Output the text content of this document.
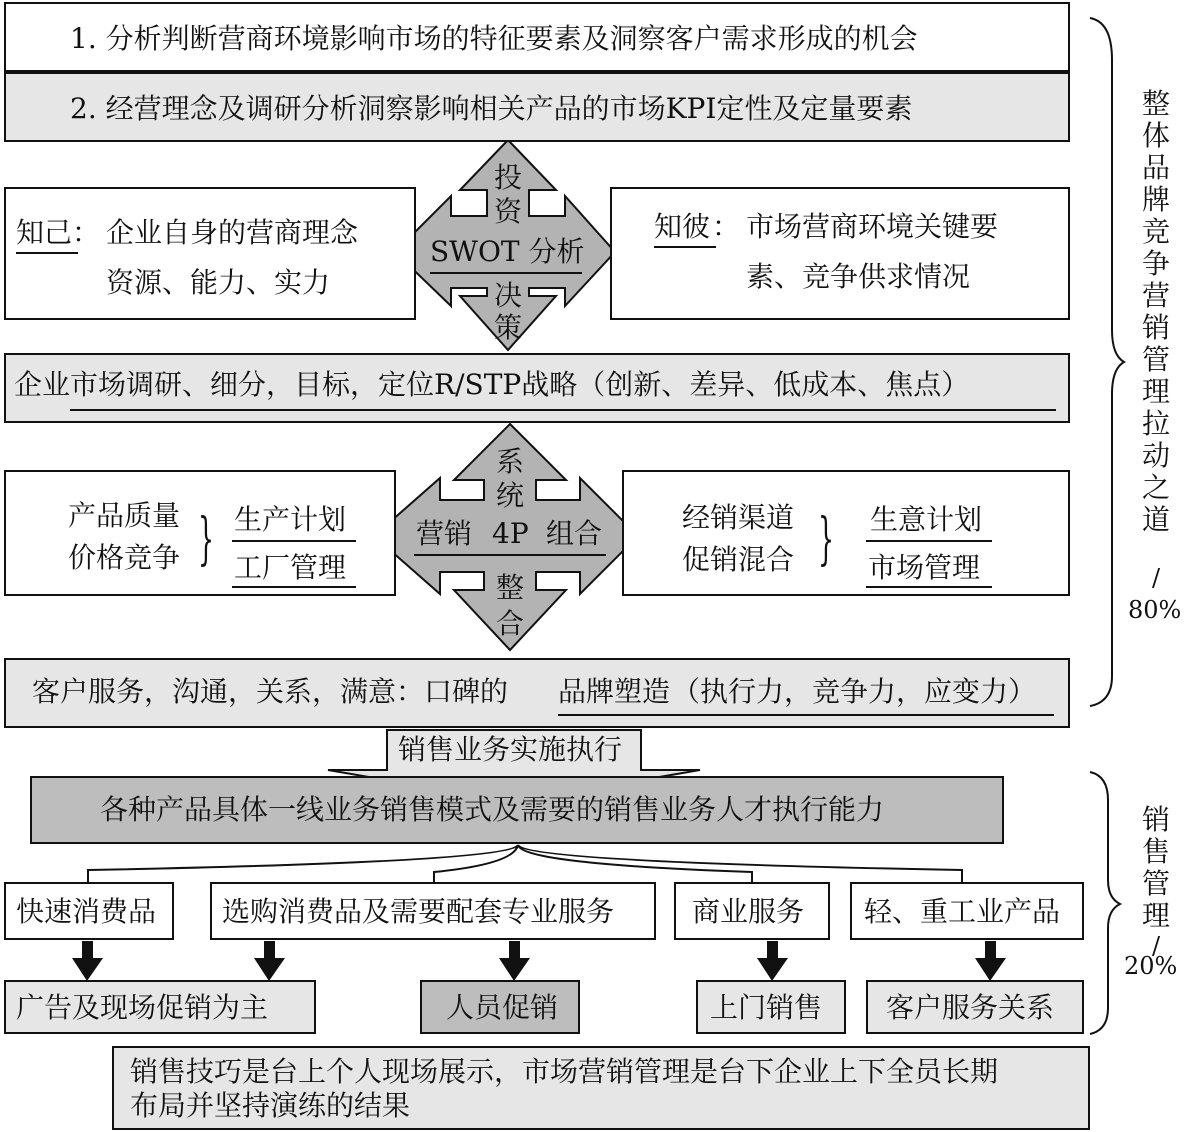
1. 分析判断营商环境影响市场的特征要素及洞察客户需求形成的机会
2. 经营理念及调研分析洞察影响相关产品的市场KPI定性及定量要素
知己 ： 企业自身的营商理念
资源、能力、实力
知彼 ： 市场营商环境关键要
素、竞争供求情况
投
资
SWOT 分析
决
策
企业市场调研、细分，目标，定位R/STP战略（创新、差异、低成本、焦点）
产品质量
价格竞争 } 生产计划
工厂管理
经销渠道
促销混合 } 生意计划
市场管理
系
统
营销 4P 组合
整
合
客户服务，沟通，关系，满意：口碑的 品牌塑造 （执行力，竞争力，应变力）
销售业务实施执行
各种产品具体一线业务销售模式及需要的销售业务人才执行能力
快速消费品 选购消费品及需要配套专业服务	商业服务 轻、重工业产品
广告及现场促销为主	人员促销	上门销售 客户服务关系
销售技巧是台上个人现场展示，市场营销管理是台下企业上下全员长期
布局并坚持演练的结果
整
体
品
牌
竞
争
营
销
管
理
拉
动
之
道
/
80%
销
售
管
理
/
20%
